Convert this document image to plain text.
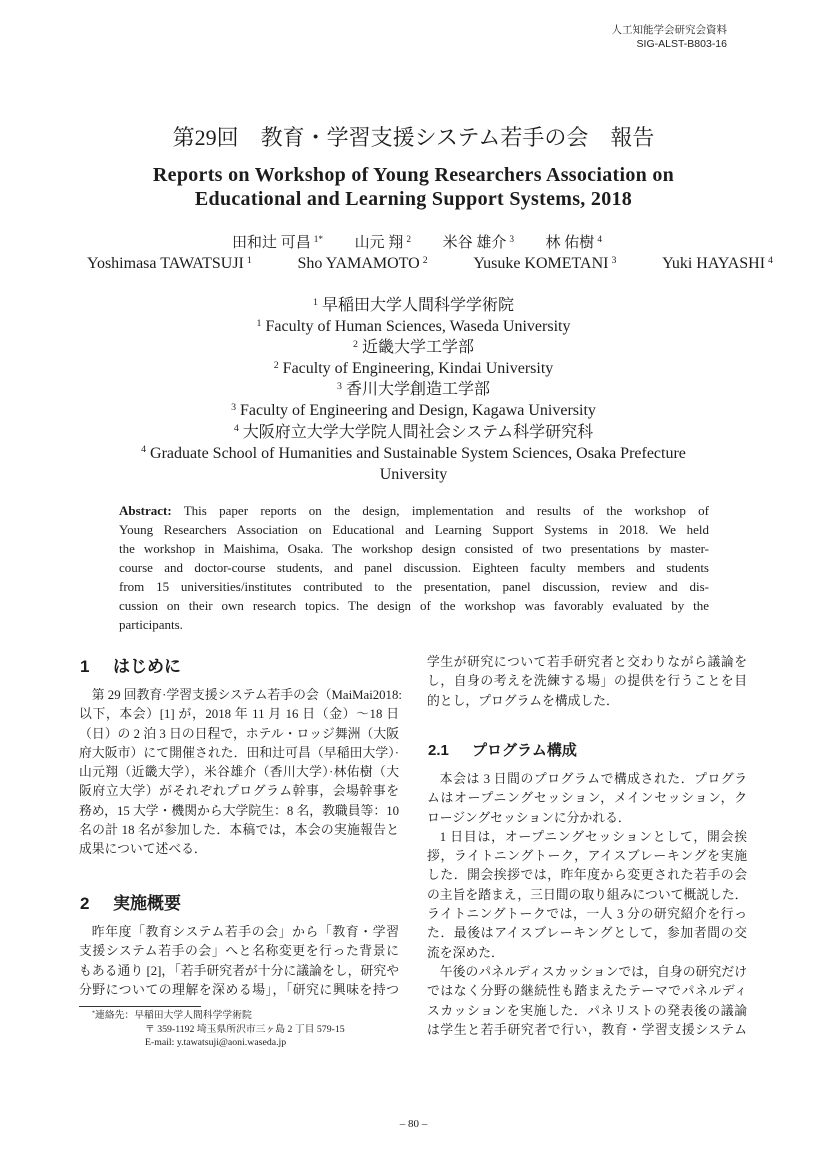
人工知能学会研究会資料
SIG-ALST-B803-16
第29回　教育・学習支援システム若手の会　報告
Reports on Workshop of Young Researchers Association on
Educational and Learning Support Systems, 2018
田和辻 可昌 $^{1*}$ 山元 翔 $^2$ 米谷 雄介 $^3$ 林 佑樹 $^4$
Yoshimasa TAWATSUJI $^1$	Sho YAMAMOTO $^2$	Yusuke KOMETANI $^3$	Yuki HAYASHI $^4$
$^1$ 早稲田大学人間科学学術院
$^1$ Faculty of Human Sciences, Waseda University
$^2$ 近畿大学工学部
$^2$ Faculty of Engineering, Kindai University
$^3$ 香川大学創造工学部
$^3$ Faculty of Engineering and Design, Kagawa University
$^4$ 大阪府立大学大学院人間社会システム科学研究科
$^4$ Graduate School of Humanities and Sustainable System Sciences, Osaka Prefecture
University
Abstract: This paper reports on the design, implementation and results of the workshop of
Young Researchers Association on Educational and Learning Support Systems in 2018. We held
the workshop in Maishima, Osaka. The workshop design consisted of two presentations by master-
course and doctor-course students, and panel discussion. Eighteen faculty members and students
from 15 universities/institutes contributed to the presentation, panel discussion, review and dis-
cussion on their own research topics. The design of the workshop was favorably evaluated by the
participants.
1 はじめに
第 29 回教育·学習支援システム若手の会（MaiMai2018:
以下，本会）[1] が，2018 年 11 月 16 日（金）～18 日
（日）の 2 泊 3 日の日程で，ホテル・ロッジ舞洲（大阪
府大阪市）にて開催された．田和辻可昌（早稲田大学）·
山元翔（近畿大学），米谷雄介（香川大学）·林佑樹（大
阪府立大学）がそれぞれプログラム幹事，会場幹事を
務め，15 大学・機関から大学院生：8 名，教職員等：10
名の計 18 名が参加した．本稿では，本会の実施報告と
成果について述べる．
2 実施概要
昨年度「教育システム若手の会」から「教育・学習
支援システム若手の会」へと名称変更を行った背景に
もある通り [2]，「若手研究者が十分に議論をし，研究や
分野についての理解を深める場」，「研究に興味を持つ
学生が研究について若手研究者と交わりながら議論を
し，自身の考えを洗練する場」の提供を行うことを目
的とし，プログラムを構成した．
2.1 プログラム構成
本会は 3 日間のプログラムで構成された．プログラ
ムはオープニングセッション，メインセッション，ク
ロージングセッションに分かれる．
1 日目は，オープニングセッションとして，開会挨
拶，ライトニングトーク，アイスブレーキングを実施
した．開会挨拶では，昨年度から変更された若手の会
の主旨を踏まえ，三日間の取り組みについて概説した．
ライトニングトークでは，一人 3 分の研究紹介を行っ
た．最後はアイスブレーキングとして，参加者間の交
流を深めた．
午後のパネルディスカッションでは，自身の研究だけ
ではなく分野の継続性も踏まえたテーマでパネルディ
スカッションを実施した．パネリストの発表後の議論
は学生と若手研究者で行い，教育・学習支援システム
*連絡先：早稲田大学人間科学学術院
〒 359-1192 埼玉県所沢市三ヶ島 2 丁目 579-15
E-mail: y.tawatsuji@aoni.waseda.jp
– 80 –
